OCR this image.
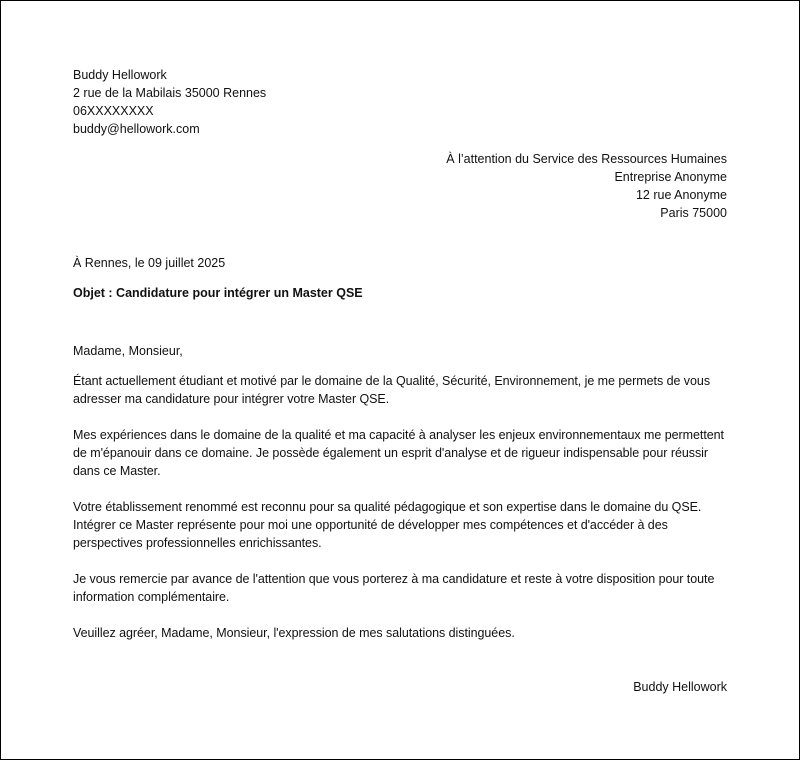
Buddy Hellowork
2 rue de la Mabilais 35000 Rennes
06XXXXXXXX
buddy@hellowork.com
À l’attention du Service des Ressources Humaines
Entreprise Anonyme
12 rue Anonyme
Paris 75000
À Rennes, le 09 juillet 2025
Objet : Candidature pour intégrer un Master QSE
Madame, Monsieur,
Étant actuellement étudiant et motivé par le domaine de la Qualité, Sécurité, Environnement, je me permets de vous adresser ma candidature pour intégrer votre Master QSE.
Mes expériences dans le domaine de la qualité et ma capacité à analyser les enjeux environnementaux me permettent de m'épanouir dans ce domaine. Je possède également un esprit d'analyse et de rigueur indispensable pour réussir dans ce Master.
Votre établissement renommé est reconnu pour sa qualité pédagogique et son expertise dans le domaine du QSE. Intégrer ce Master représente pour moi une opportunité de développer mes compétences et d'accéder à des perspectives professionnelles enrichissantes.
Je vous remercie par avance de l'attention que vous porterez à ma candidature et reste à votre disposition pour toute information complémentaire.
Veuillez agréer, Madame, Monsieur, l'expression de mes salutations distinguées.
Buddy Hellowork
